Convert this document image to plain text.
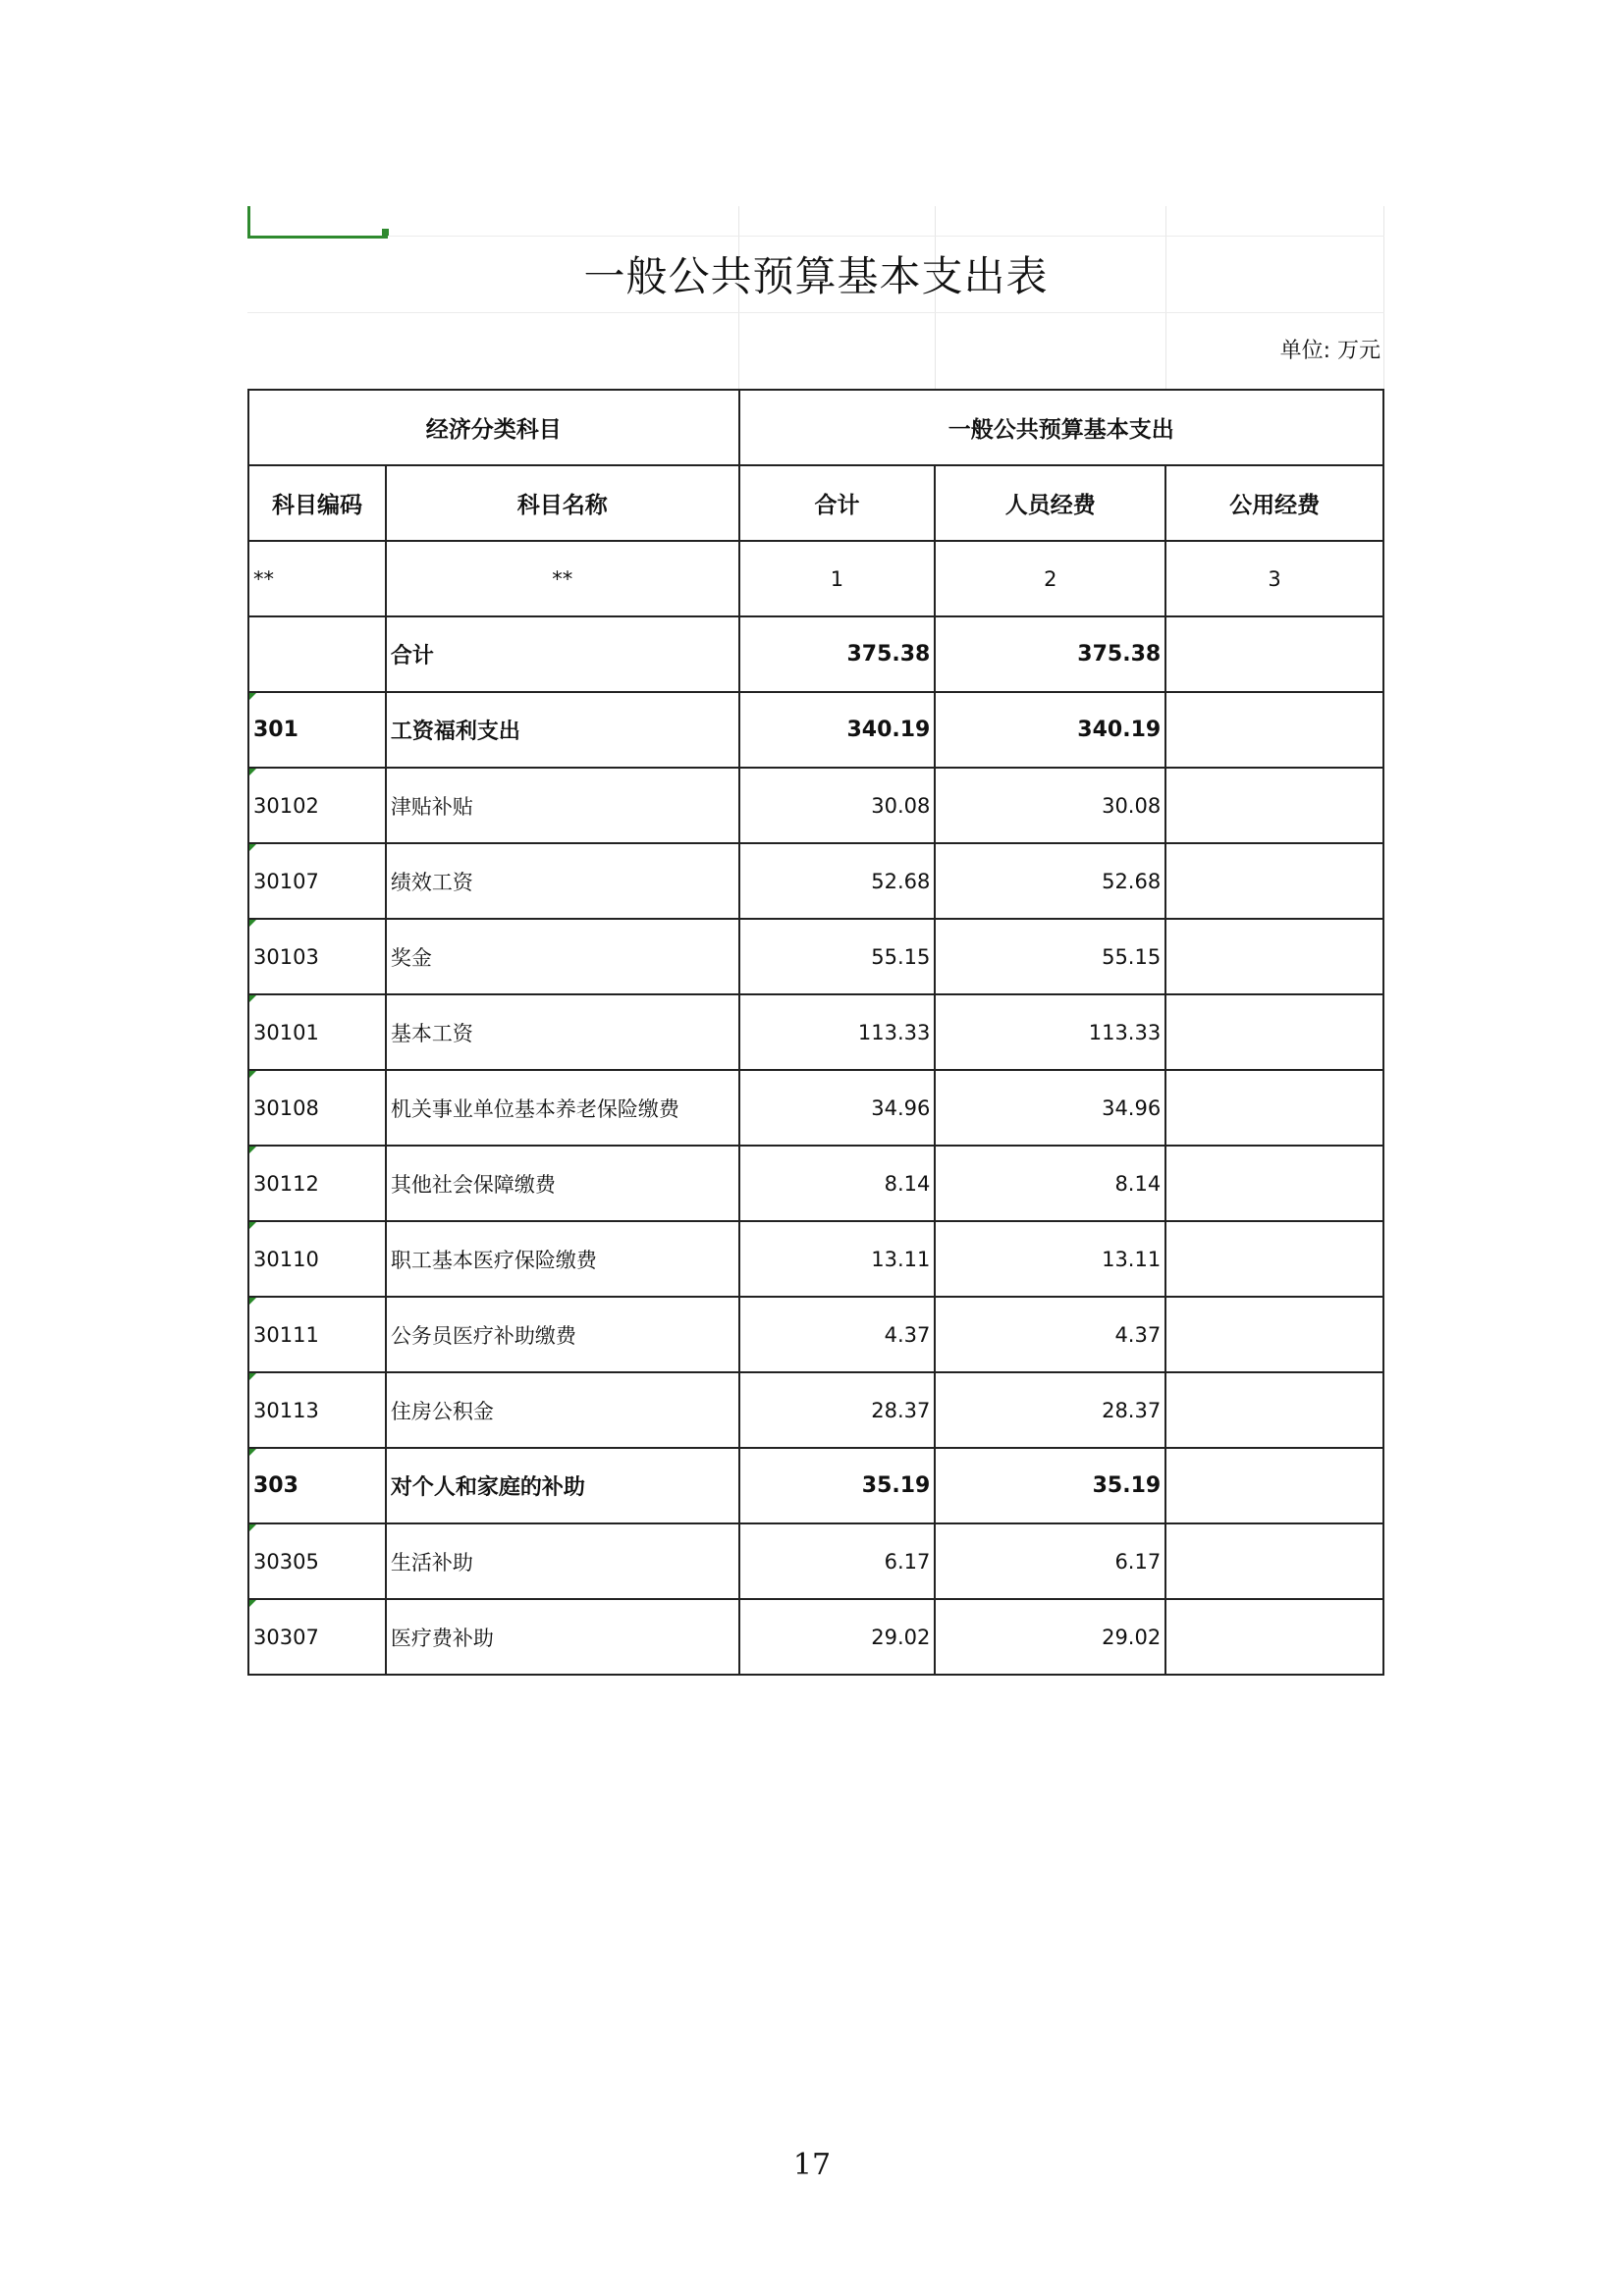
一般公共预算基本支出表
单位: 万元
经济分类科目		一般公共预算基本支出		
科目编码	科目名称	合计	人员经费	公用经费
**	**	1	2	3
	合计	375.38	375.38	

301	工资福利支出	340.19	340.19	

30102	津贴补贴	30.08	30.08	

30107	绩效工资	52.68	52.68	

30103	奖金	55.15	55.15	

30101	基本工资	113.33	113.33	

30108	机关事业单位基本养老保险缴费	34.96	34.96	

30112	其他社会保障缴费	8.14	8.14	

30110	职工基本医疗保险缴费	13.11	13.11	

30111	公务员医疗补助缴费	4.37	4.37	

30113	住房公积金	28.37	28.37	

303	对个人和家庭的补助	35.19	35.19	

30305	生活补助	6.17	6.17	

30307	医疗费补助	29.02	29.02	
17
